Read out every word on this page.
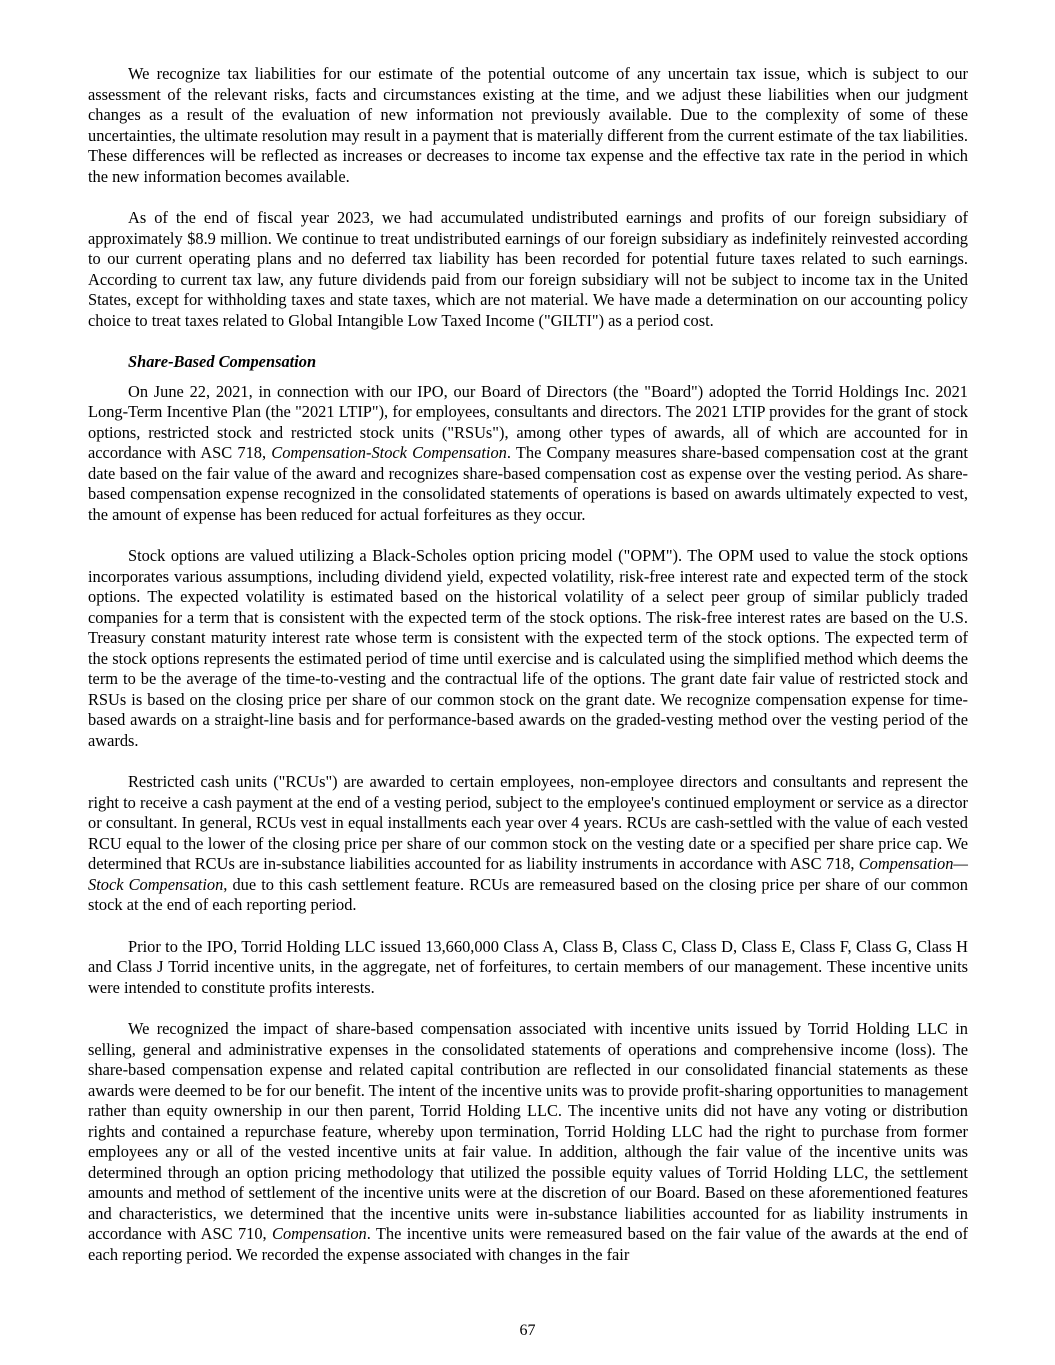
We recognize tax liabilities for our estimate of the potential outcome of any uncertain tax issue, which is subject to our assessment of the relevant risks, facts and circumstances existing at the time, and we adjust these liabilities when our judgment changes as a result of the evaluation of new information not previously available. Due to the complexity of some of these uncertainties, the ultimate resolution may result in a payment that is materially different from the current estimate of the tax liabilities. These differences will be reflected as increases or decreases to income tax expense and the effective tax rate in the period in which the new information becomes available.

As of the end of fiscal year 2023, we had accumulated undistributed earnings and profits of our foreign subsidiary of approximately $8.9 million. We continue to treat undistributed earnings of our foreign subsidiary as indefinitely reinvested according to our current operating plans and no deferred tax liability has been recorded for potential future taxes related to such earnings. According to current tax law, any future dividends paid from our foreign subsidiary will not be subject to income tax in the United States, except for withholding taxes and state taxes, which are not material. We have made a determination on our accounting policy choice to treat taxes related to Global Intangible Low Taxed Income ("GILTI") as a period cost.

Share-Based Compensation

On June 22, 2021, in connection with our IPO, our Board of Directors (the "Board") adopted the Torrid Holdings Inc. 2021 Long-Term Incentive Plan (the "2021 LTIP"), for employees, consultants and directors. The 2021 LTIP provides for the grant of stock options, restricted stock and restricted stock units ("RSUs"), among other types of awards, all of which are accounted for in accordance with ASC 718, Compensation-Stock Compensation. The Company measures share-based compensation cost at the grant date based on the fair value of the award and recognizes share-based compensation cost as expense over the vesting period. As share-based compensation expense recognized in the consolidated statements of operations is based on awards ultimately expected to vest, the amount of expense has been reduced for actual forfeitures as they occur.

Stock options are valued utilizing a Black-Scholes option pricing model ("OPM"). The OPM used to value the stock options incorporates various assumptions, including dividend yield, expected volatility, risk-free interest rate and expected term of the stock options. The expected volatility is estimated based on the historical volatility of a select peer group of similar publicly traded companies for a term that is consistent with the expected term of the stock options. The risk-free interest rates are based on the U.S. Treasury constant maturity interest rate whose term is consistent with the expected term of the stock options. The expected term of the stock options represents the estimated period of time until exercise and is calculated using the simplified method which deems the term to be the average of the time-to-vesting and the contractual life of the options. The grant date fair value of restricted stock and RSUs is based on the closing price per share of our common stock on the grant date. We recognize compensation expense for time-based awards on a straight-line basis and for performance-based awards on the graded-vesting method over the vesting period of the awards.

Restricted cash units ("RCUs") are awarded to certain employees, non-employee directors and consultants and represent the right to receive a cash payment at the end of a vesting period, subject to the employee's continued employment or service as a director or consultant. In general, RCUs vest in equal installments each year over 4 years. RCUs are cash-settled with the value of each vested RCU equal to the lower of the closing price per share of our common stock on the vesting date or a specified per share price cap. We determined that RCUs are in-substance liabilities accounted for as liability instruments in accordance with ASC 718, Compensation—Stock Compensation, due to this cash settlement feature. RCUs are remeasured based on the closing price per share of our common stock at the end of each reporting period.

Prior to the IPO, Torrid Holding LLC issued 13,660,000 Class A, Class B, Class C, Class D, Class E, Class F, Class G, Class H and Class J Torrid incentive units, in the aggregate, net of forfeitures, to certain members of our management. These incentive units were intended to constitute profits interests.

We recognized the impact of share-based compensation associated with incentive units issued by Torrid Holding LLC in selling, general and administrative expenses in the consolidated statements of operations and comprehensive income (loss). The share-based compensation expense and related capital contribution are reflected in our consolidated financial statements as these awards were deemed to be for our benefit. The intent of the incentive units was to provide profit-sharing opportunities to management rather than equity ownership in our then parent, Torrid Holding LLC. The incentive units did not have any voting or distribution rights and contained a repurchase feature, whereby upon termination, Torrid Holding LLC had the right to purchase from former employees any or all of the vested incentive units at fair value. In addition, although the fair value of the incentive units was determined through an option pricing methodology that utilized the possible equity values of Torrid Holding LLC, the settlement amounts and method of settlement of the incentive units were at the discretion of our Board. Based on these aforementioned features and characteristics, we determined that the incentive units were in-substance liabilities accounted for as liability instruments in accordance with ASC 710, Compensation. The incentive units were remeasured based on the fair value of the awards at the end of each reporting period. We recorded the expense associated with changes in the fair

67
